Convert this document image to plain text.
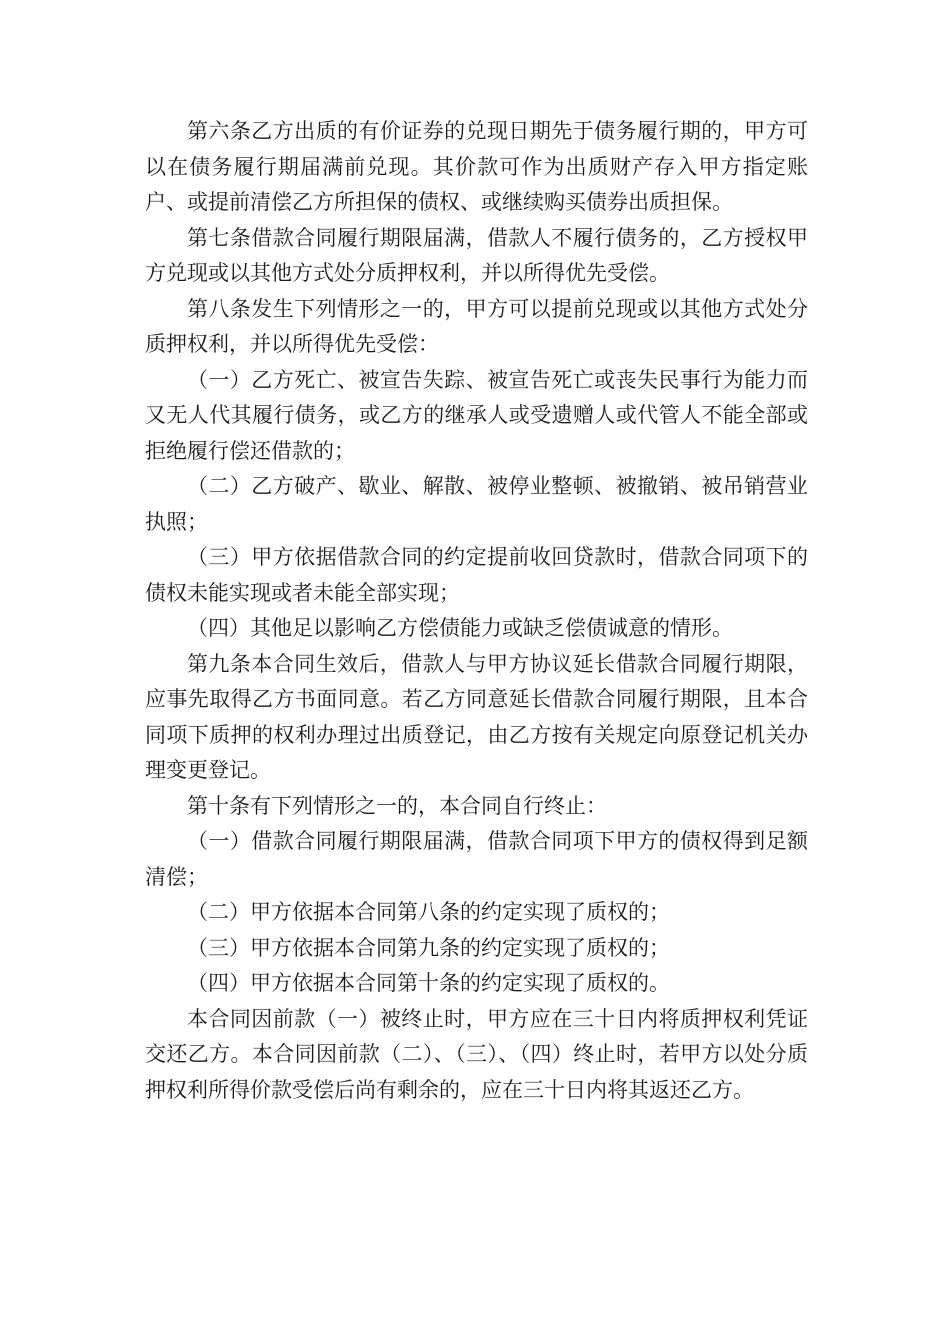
第六条乙方出质的有价证券的兑现日期先于债务履行期的，甲方可以在债务履行期届满前兑现。其价款可作为出质财产存入甲方指定账户、或提前清偿乙方所担保的债权、或继续购买债券出质担保。

第七条借款合同履行期限届满，借款人不履行债务的，乙方授权甲方兑现或以其他方式处分质押权利，并以所得优先受偿。

第八条发生下列情形之一的，甲方可以提前兑现或以其他方式处分质押权利，并以所得优先受偿：

（一）乙方死亡、被宣告失踪、被宣告死亡或丧失民事行为能力而又无人代其履行债务，或乙方的继承人或受遗赠人或代管人不能全部或拒绝履行偿还借款的；

（二）乙方破产、歇业、解散、被停业整顿、被撤销、被吊销营业执照；

（三）甲方依据借款合同的约定提前收回贷款时，借款合同项下的债权未能实现或者未能全部实现；

（四）其他足以影响乙方偿债能力或缺乏偿债诚意的情形。

第九条本合同生效后，借款人与甲方协议延长借款合同履行期限，应事先取得乙方书面同意。若乙方同意延长借款合同履行期限，且本合同项下质押的权利办理过出质登记，由乙方按有关规定向原登记机关办理变更登记。

第十条有下列情形之一的，本合同自行终止：

（一）借款合同履行期限届满，借款合同项下甲方的债权得到足额清偿；

（二）甲方依据本合同第八条的约定实现了质权的；

（三）甲方依据本合同第九条的约定实现了质权的；

（四）甲方依据本合同第十条的约定实现了质权的。

本合同因前款（一）被终止时，甲方应在三十日内将质押权利凭证交还乙方。本合同因前款（二）、（三）、（四）终止时，若甲方以处分质押权利所得价款受偿后尚有剩余的，应在三十日内将其返还乙方。
